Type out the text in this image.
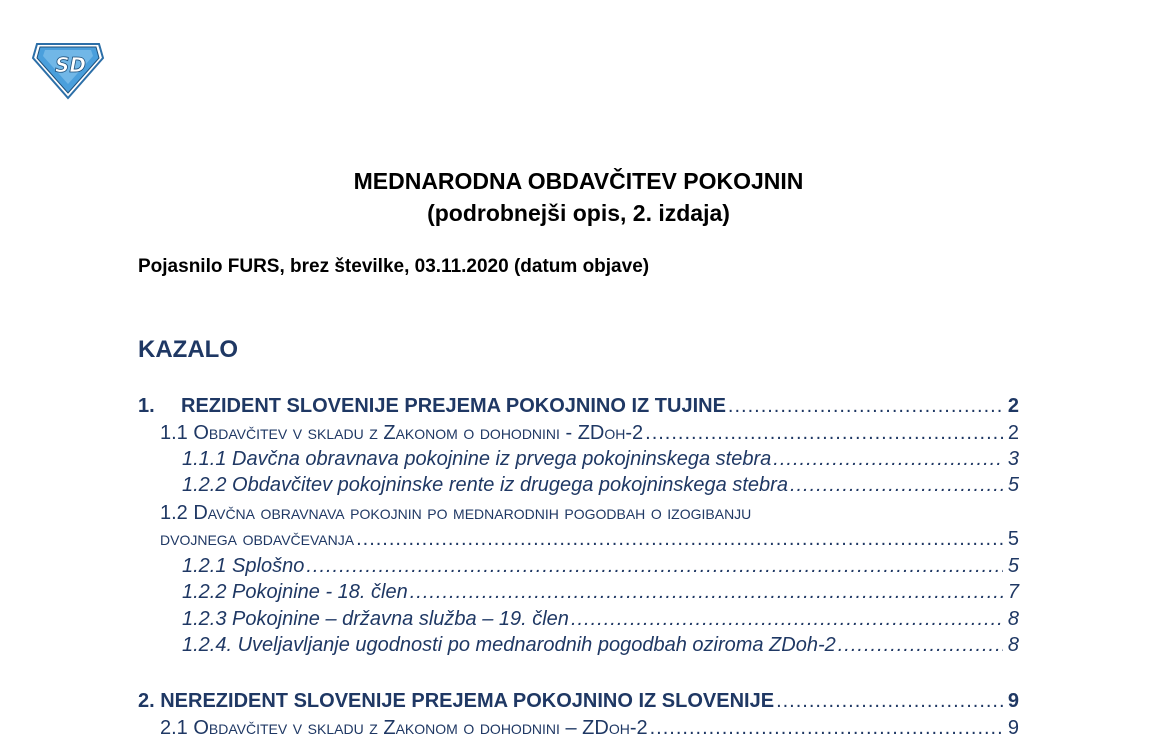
SD
MEDNARODNA OBDAVČITEV POKOJNIN
(podrobnejši opis, 2. izdaja)
Pojasnilo FURS, brez številke, 03.11.2020 (datum objave)
KAZALO
1. REZIDENT SLOVENIJE PREJEMA POKOJNINO IZ TUJINE .....	2
1.1 Obdavčitev v skladu z Zakonom o dohodnini - ZDoh-2 .....	2
1.1.1 Davčna obravnava pokojnine iz prvega pokojninskega stebra .....	3
1.2.2 Obdavčitev pokojninske rente iz drugega pokojninskega stebra .....	5
1.2 Davčna obravnava pokojnin po mednarodnih pogodbah o izogibanju
dvojnega obdavčevanja .....	5
1.2.1 Splošno .....	5
1.2.2 Pokojnine - 18. člen .....	7
1.2.3 Pokojnine – državna služba – 19. člen .....	8
1.2.4. Uveljavljanje ugodnosti po mednarodnih pogodbah oziroma ZDoh-2 .....	8
2. NEREZIDENT SLOVENIJE PREJEMA POKOJNINO IZ SLOVENIJE .....	9
2.1 Obdavčitev v skladu z Zakonom o dohodnini – ZDoh-2 .....	9
